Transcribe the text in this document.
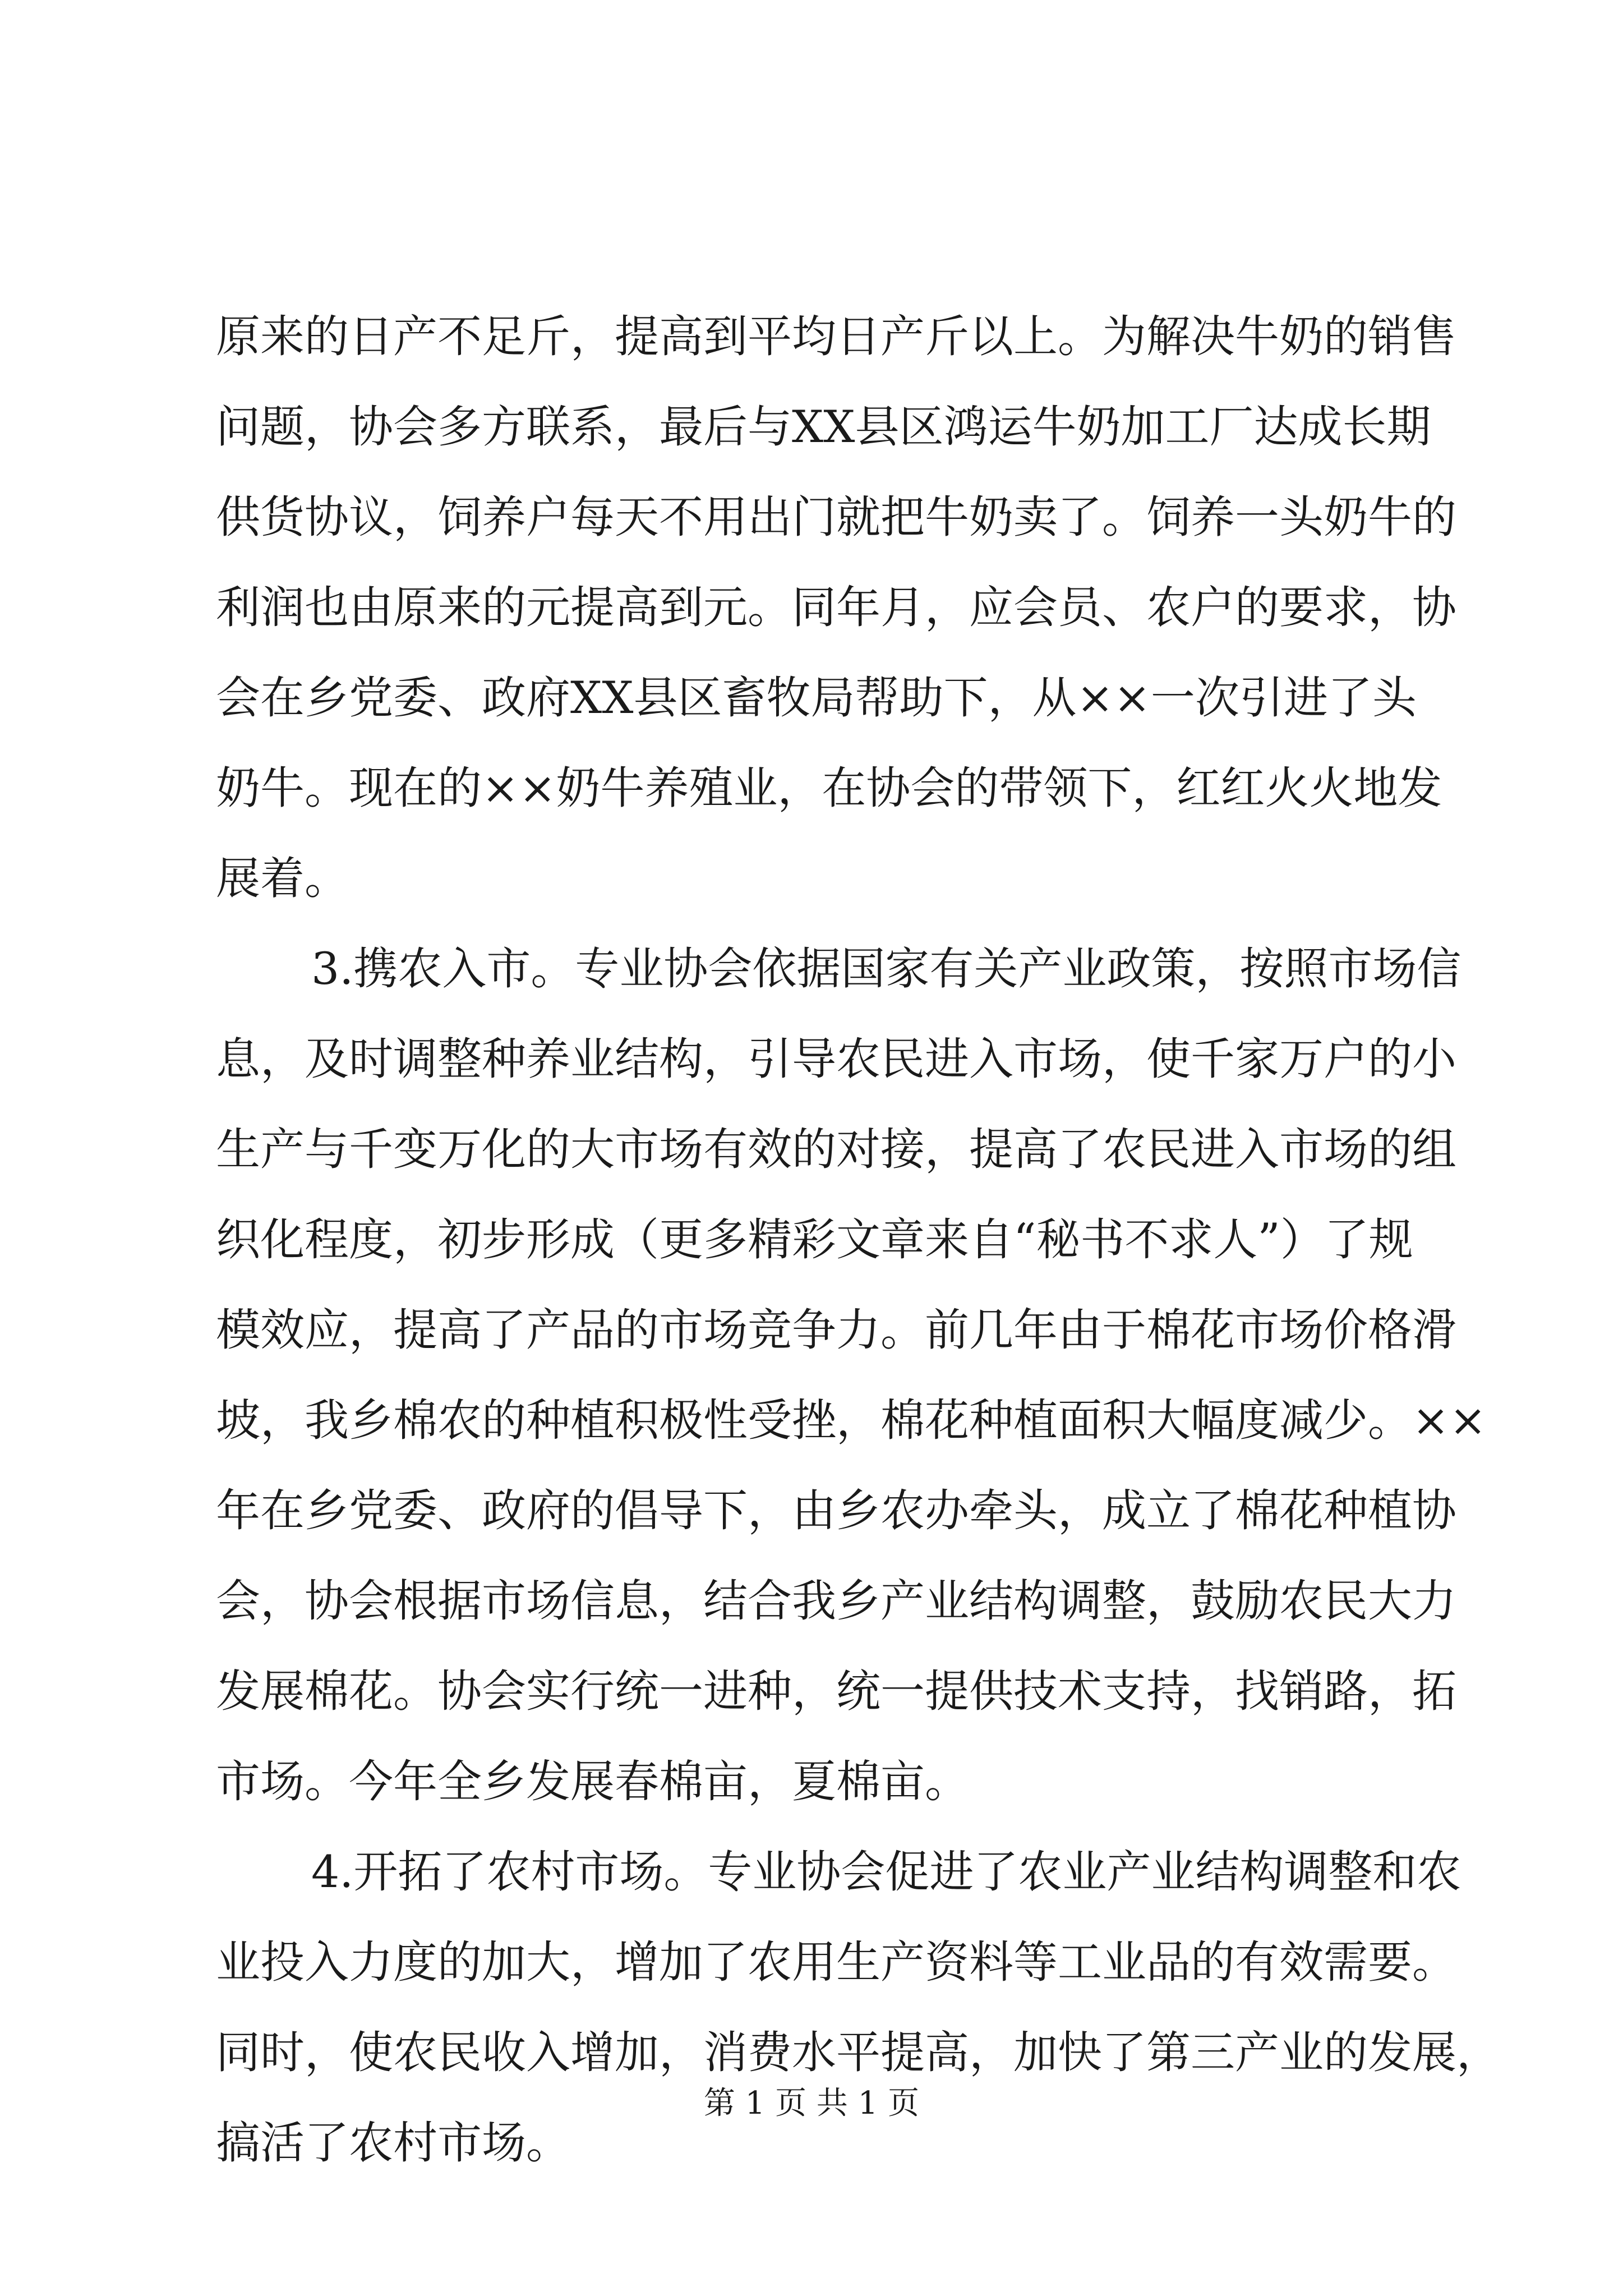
原来的日产不足斤，提高到平均日产斤以上。为解决牛奶的销售
问题，协会多方联系，最后与XX县区鸿运牛奶加工厂达成长期
供货协议，饲养户每天不用出门就把牛奶卖了。饲养一头奶牛的
利润也由原来的元提高到元。同年月，应会员、农户的要求，协
会在乡党委、政府XX县区畜牧局帮助下，从××一次引进了头
奶牛。现在的××奶牛养殖业，在协会的带领下，红红火火地发
展着。
3.携农入市。专业协会依据国家有关产业政策，按照市场信
息，及时调整种养业结构，引导农民进入市场，使千家万户的小
生产与千变万化的大市场有效的对接，提高了农民进入市场的组
织化程度，初步形成（更多精彩文章来自“秘书不求人”）了规
模效应，提高了产品的市场竞争力。前几年由于棉花市场价格滑
坡，我乡棉农的种植积极性受挫，棉花种植面积大幅度减少。××
年在乡党委、政府的倡导下，由乡农办牵头，成立了棉花种植协
会，协会根据市场信息，结合我乡产业结构调整，鼓励农民大力
发展棉花。协会实行统一进种，统一提供技术支持，找销路，拓
市场。今年全乡发展春棉亩，夏棉亩。
4.开拓了农村市场。专业协会促进了农业产业结构调整和农
业投入力度的加大，增加了农用生产资料等工业品的有效需要。
同时，使农民收入增加，消费水平提高，加快了第三产业的发展，
搞活了农村市场。
第 1 页 共 1 页
